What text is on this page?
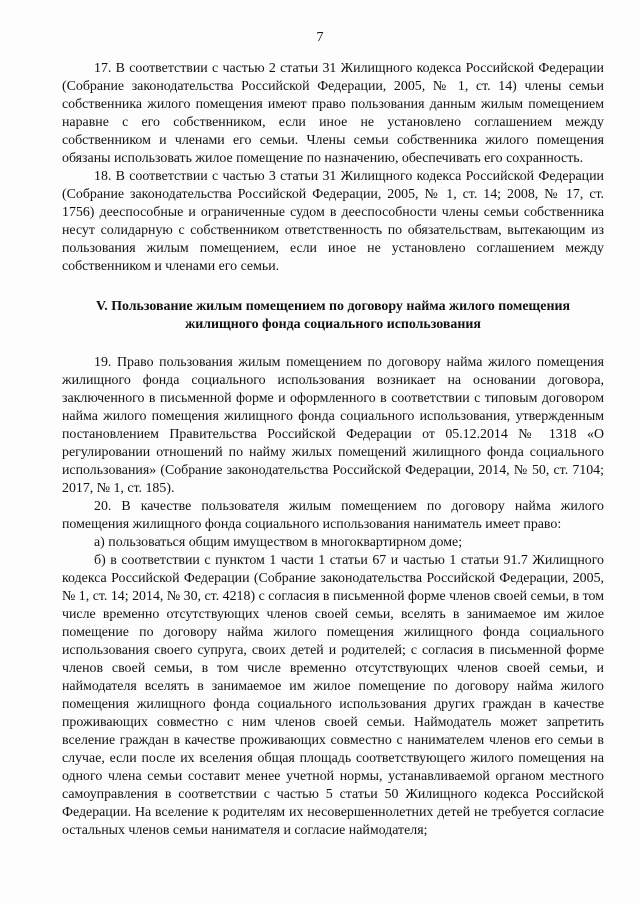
7

17. В соответствии с частью 2 статьи 31 Жилищного кодекса Российской Федерации (Собрание законодательства Российской Федерации, 2005, № 1, ст. 14) члены семьи собственника жилого помещения имеют право пользования данным жилым помещением наравне с его собственником, если иное не установлено соглашением между собственником и членами его семьи. Члены семьи собственника жилого помещения обязаны использовать жилое помещение по назначению, обеспечивать его сохранность.

18. В соответствии с частью 3 статьи 31 Жилищного кодекса Российской Федерации (Собрание законодательства Российской Федерации, 2005, № 1, ст. 14; 2008, № 17, ст. 1756) дееспособные и ограниченные судом в дееспособности члены семьи собственника несут солидарную с собственником ответственность по обязательствам, вытекающим из пользования жилым помещением, если иное не установлено соглашением между собственником и членами его семьи.

V. Пользование жилым помещением по договору найма жилого помещения жилищного фонда социального использования

19. Право пользования жилым помещением по договору найма жилого помещения жилищного фонда социального использования возникает на основании договора, заключенного в письменной форме и оформленного в соответствии с типовым договором найма жилого помещения жилищного фонда социального использования, утвержденным постановлением Правительства Российской Федерации от 05.12.2014 № 1318 «О регулировании отношений по найму жилых помещений жилищного фонда социального использования» (Собрание законодательства Российской Федерации, 2014, № 50, ст. 7104; 2017, № 1, ст. 185).

20. В качестве пользователя жилым помещением по договору найма жилого помещения жилищного фонда социального использования наниматель имеет право:

а) пользоваться общим имуществом в многоквартирном доме;

б) в соответствии с пунктом 1 части 1 статьи 67 и частью 1 статьи 91.7 Жилищного кодекса Российской Федерации (Собрание законодательства Российской Федерации, 2005, № 1, ст. 14; 2014, № 30, ст. 4218) с согласия в письменной форме членов своей семьи, в том числе временно отсутствующих членов своей семьи, вселять в занимаемое им жилое помещение по договору найма жилого помещения жилищного фонда социального использования своего супруга, своих детей и родителей; с согласия в письменной форме членов своей семьи, в том числе временно отсутствующих членов своей семьи, и наймодателя вселять в занимаемое им жилое помещение по договору найма жилого помещения жилищного фонда социального использования других граждан в качестве проживающих совместно с ним членов своей семьи. Наймодатель может запретить вселение граждан в качестве проживающих совместно с нанимателем членов его семьи в случае, если после их вселения общая площадь соответствующего жилого помещения на одного члена семьи составит менее учетной нормы, устанавливаемой органом местного самоуправления в соответствии с частью 5 статьи 50 Жилищного кодекса Российской Федерации. На вселение к родителям их несовершеннолетних детей не требуется согласие остальных членов семьи нанимателя и согласие наймодателя;
